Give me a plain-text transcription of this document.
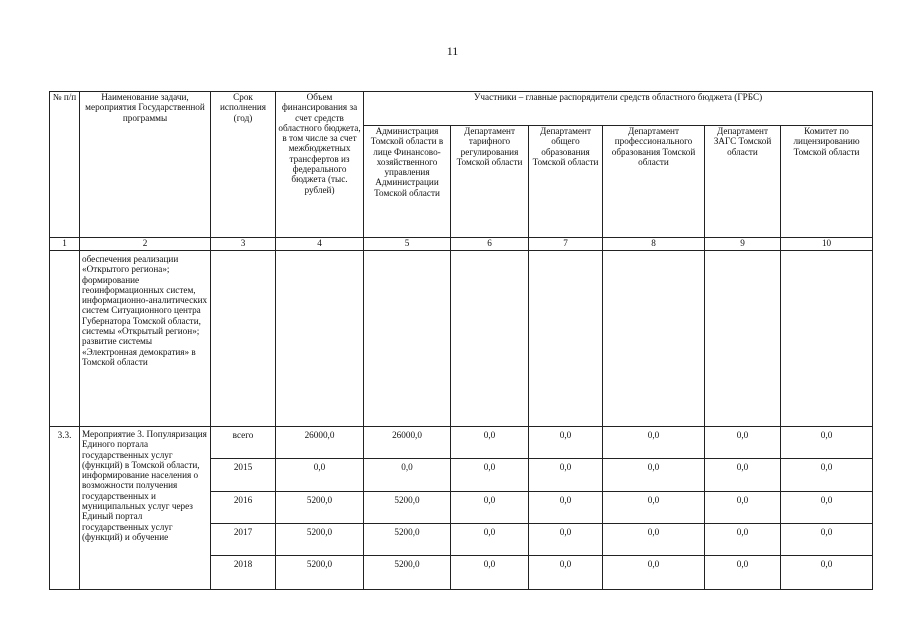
11
№ п/п	Наименование задачи, мероприятия Государственной программы	Срок исполнения (год)	Объем финансирования за счет средств областного бюджета, в том числе за счет межбюджетных трансфертов из федерального бюджета (тыс. рублей)	Участники – главные распорядители средств областного бюджета (ГРБС)					
				Администрация Томской области в лице Финансово-хозяйственного управления Администрации Томской области	Департамент тарифного регулирования Томской области	Департамент общего образования Томской области	Департамент профессионального образования Томской области	Департамент ЗАГС Томской области	Комитет по лицензированию Томской области
1	2	3	4	5	6	7	8	9	10

	обеспечения реализации «Открытого региона»; формирование геоинформационных систем, информационно-аналитических систем Ситуационного центра Губернатора Томской области, системы «Открытый регион»; развитие системы «Электронная демократия» в Томской области								

3.3.	Мероприятие 3. Популяризация Единого портала государственных услуг (функций) в Томской области, информирование населения о возможности получения государственных и муниципальных услуг через Единый портал государственных услуг (функций) и обучение	всего	26000,0	26000,0	0,0	0,0	0,0	0,0	0,0

		2015	0,0	0,0	0,0	0,0	0,0	0,0	0,0

		2016	5200,0	5200,0	0,0	0,0	0,0	0,0	0,0

		2017	5200,0	5200,0	0,0	0,0	0,0	0,0	0,0

		2018	5200,0	5200,0	0,0	0,0	0,0	0,0	0,0
